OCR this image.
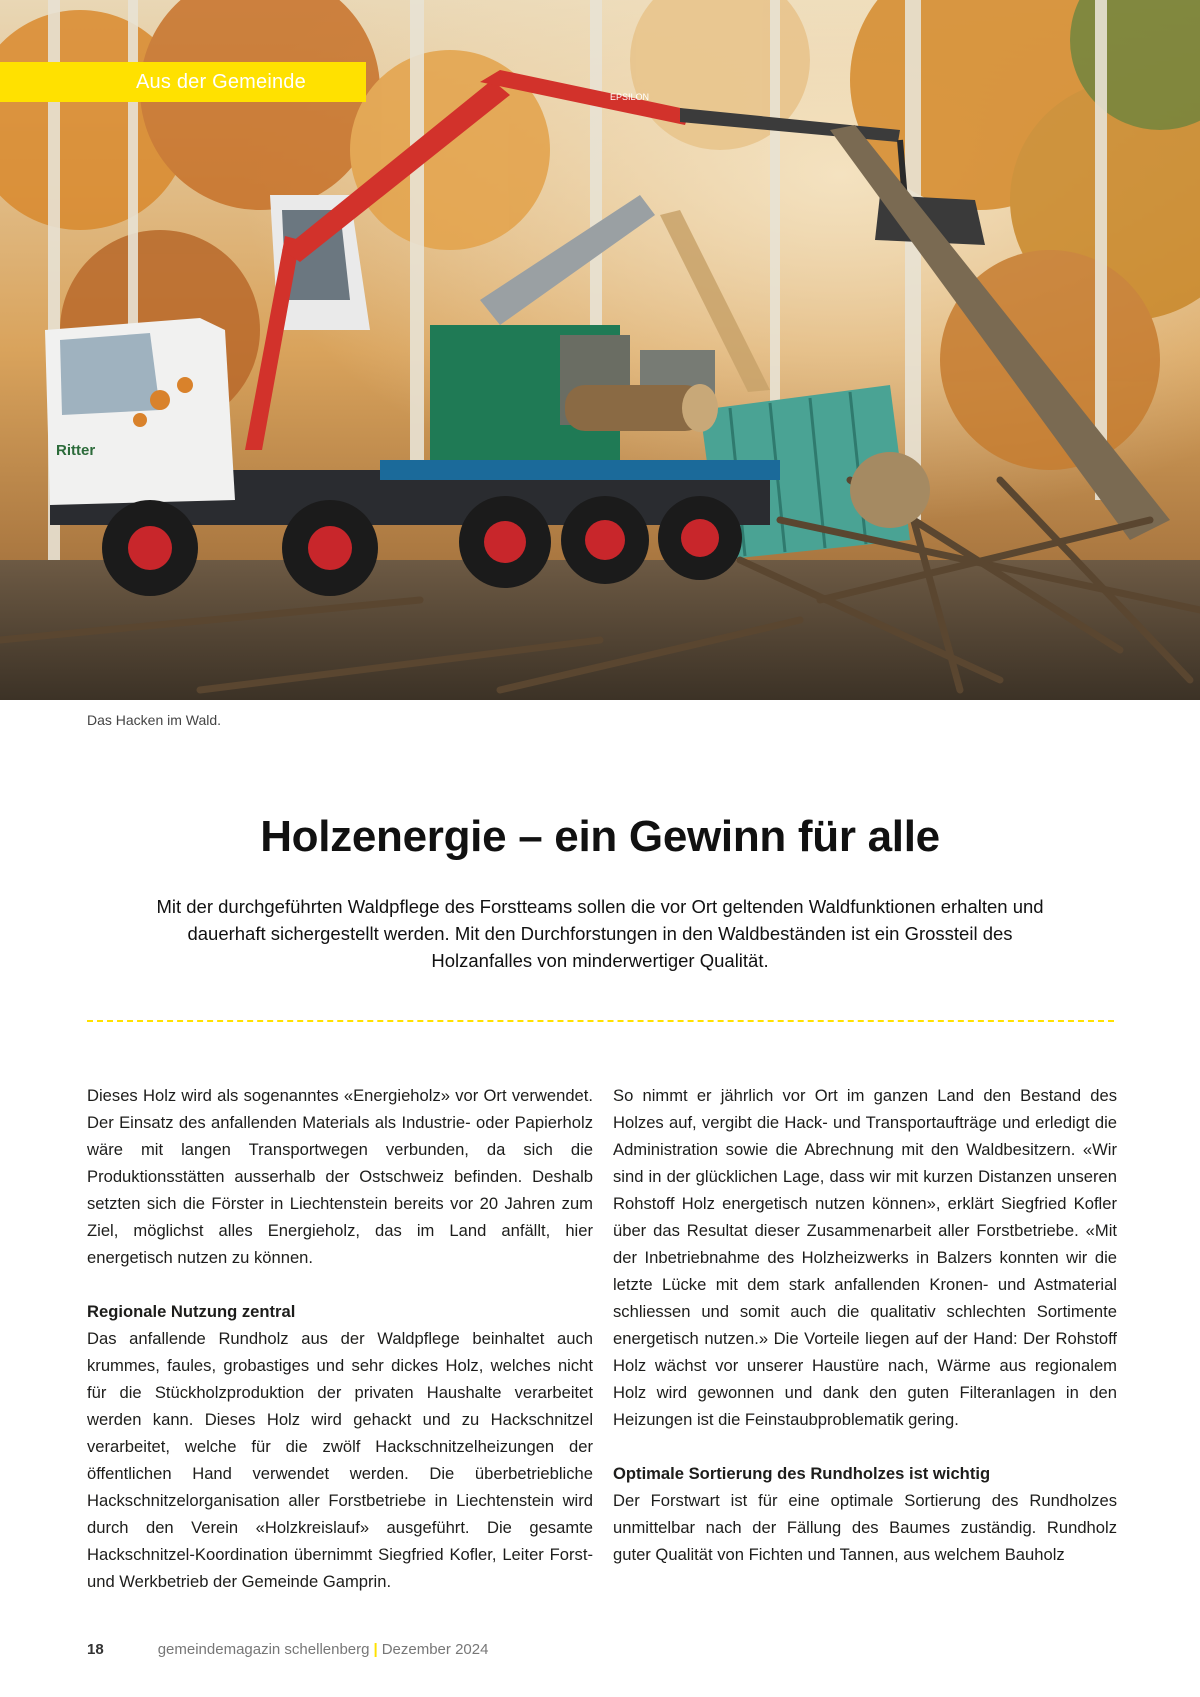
Ritter
EPSILON
Aus der Gemeinde
Das Hacken im Wald.
Holzenergie – ein Gewinn für alle

Mit der durchgeführten Waldpflege des Forstteams sollen die vor Ort geltenden Waldfunktionen erhalten und dauerhaft sichergestellt werden. Mit den Durchforstungen in den Waldbeständen ist ein Grossteil des Holzanfalles von minderwertiger Qualität.

Dieses Holz wird als sogenanntes «Energieholz» vor Ort verwendet. Der Einsatz des anfallenden Materials als Industrie- oder Papierholz wäre mit langen Transportwegen verbunden, da sich die Produktionsstätten ausserhalb der Ostschweiz befinden. Deshalb setzten sich die Förster in Liechtenstein bereits vor 20 Jahren zum Ziel, möglichst alles Energieholz, das im Land anfällt, hier energetisch nutzen zu können.

Regionale Nutzung zentral

Das anfallende Rundholz aus der Waldpflege beinhaltet auch krummes, faules, grobastiges und sehr dickes Holz, welches nicht für die Stückholzproduktion der privaten Haushalte verarbeitet werden kann. Dieses Holz wird gehackt und zu Hackschnitzel verarbeitet, welche für die zwölf Hackschnitzelheizungen der öffentlichen Hand verwendet werden. Die überbetriebliche Hackschnitzelorganisation aller Forstbetriebe in Liechtenstein wird durch den Verein «Holzkreislauf» ausgeführt. Die gesamte Hackschnitzel-Koordination übernimmt Siegfried Kofler, Leiter Forst- und Werkbetrieb der Gemeinde Gamprin.

So nimmt er jährlich vor Ort im ganzen Land den Bestand des Holzes auf, vergibt die Hack- und Transportaufträge und erledigt die Administration sowie die Abrechnung mit den Waldbesitzern. «Wir sind in der glücklichen Lage, dass wir mit kurzen Distanzen unseren Rohstoff Holz energetisch nutzen können», erklärt Siegfried Kofler über das Resultat dieser Zusammenarbeit aller Forstbetriebe. «Mit der Inbetriebnahme des Holzheizwerks in Balzers konnten wir die letzte Lücke mit dem stark anfallenden Kronen- und Astmaterial schliessen und somit auch die qualitativ schlechten Sortimente energetisch nutzen.» Die Vorteile liegen auf der Hand: Der Rohstoff Holz wächst vor unserer Haustüre nach, Wärme aus regionalem Holz wird gewonnen und dank den guten Filteranlagen in den Heizungen ist die Feinstaubproblematik gering.

Optimale Sortierung des Rundholzes ist wichtig

Der Forstwart ist für eine optimale Sortierung des Rundholzes unmittelbar nach der Fällung des Baumes zuständig. Rundholz guter Qualität von Fichten und Tannen, aus welchem Bauholz

18	gemeindemagazin schellenberg | Dezember 2024
